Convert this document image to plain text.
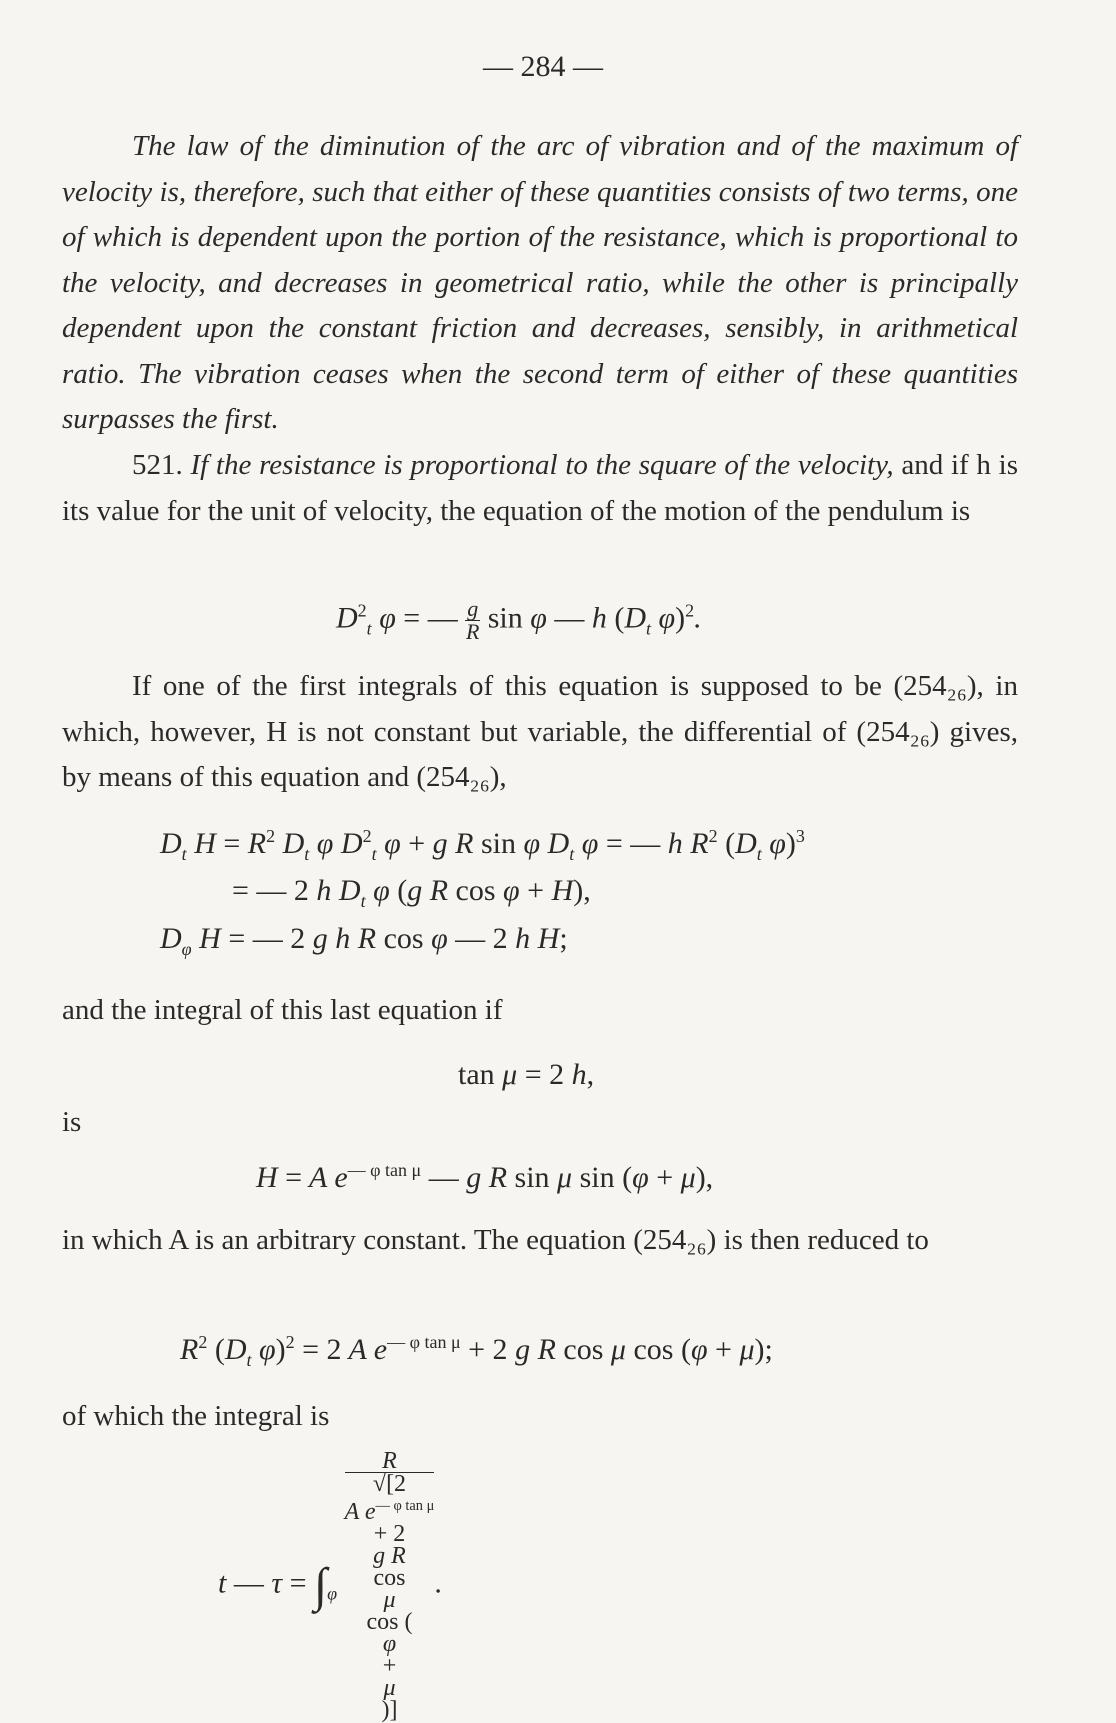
— 284 —
The law of the diminution of the arc of vibration and of the maximum of velocity is, therefore, such that either of these quantities consists of two terms, one of which is dependent upon the portion of the resistance, which is proportional to the velocity, and decreases in geometrical ratio, while the other is principally dependent upon the constant friction and decreases, sensibly, in arithmetical ratio. The vibration ceases when the second term of either of these quantities surpasses the first.
521. If the resistance is proportional to the square of the velocity, and if h is its value for the unit of velocity, the equation of the motion of the pendulum is
$D^2_t$ φ = — $\frac{g}{R}$ sin φ — h ($D_t$ φ)$^2$.
If one of the first integrals of this equation is supposed to be (254₂₆), in which, however, H is not constant but variable, the differential of (254₂₆) gives, by means of this equation and (254₂₆),
$D_t$ $H = R^2$ $D_t$ φ $D^2_t$ φ + g R sin φ $D_t$ φ = — h $R^2$ ($D_t$ φ)$^3$
= — 2 h $D_t$ φ (g R cos φ + H),
$D_\varphi$ H = — 2 g h R cos φ — 2 h H;
and the integral of this last equation if
tan μ = 2 h,
is
H = A $e^{— \varphi tan \mu}$ — g R sin μ sin (φ + μ),
in which A is an arbitrary constant. The equation (254₂₆) is then reduced to
$R^2$ ($D_t$ φ)$^2$ = 2 A $e^{— \varphi tan \mu} + 2$ g R cos μ cos (φ + μ);
of which the integral is
t — $\tau = \int_\varphi$ R
√[2
A $e^{— \varphi tan \mu}$
+ 2
g R
cos
μ
cos (
φ
+
μ
)] .
